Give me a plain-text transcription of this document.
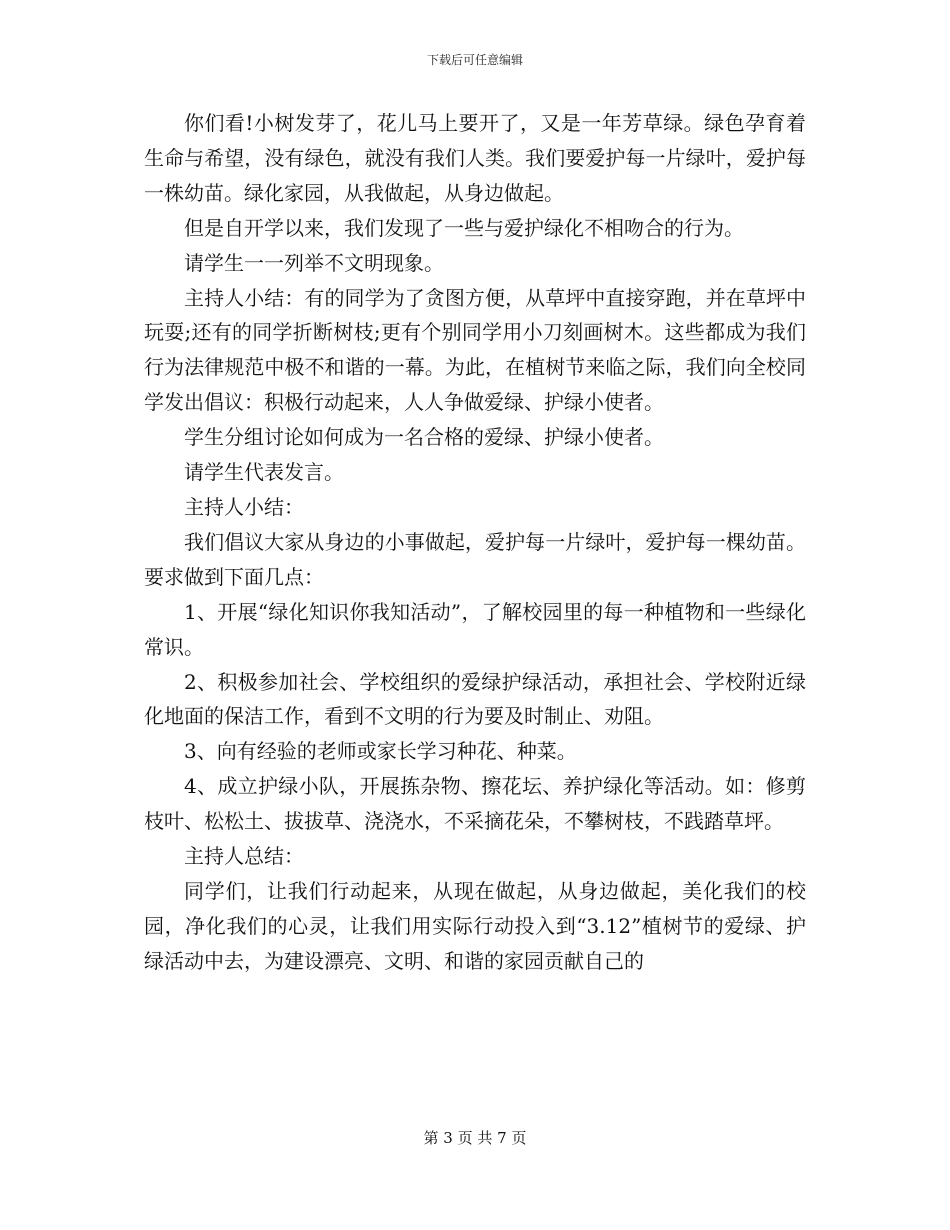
下载后可任意编辑

你们看!小树发芽了，花儿马上要开了，又是一年芳草绿。绿色孕育着生命与希望，没有绿色，就没有我们人类。我们要爱护每一片绿叶，爱护每一株幼苗。绿化家园，从我做起，从身边做起。

但是自开学以来，我们发现了一些与爱护绿化不相吻合的行为。

请学生一一列举不文明现象。

主持人小结：有的同学为了贪图方便，从草坪中直接穿跑，并在草坪中玩耍;还有的同学折断树枝;更有个别同学用小刀刻画树木。这些都成为我们行为法律规范中极不和谐的一幕。为此，在植树节来临之际，我们向全校同学发出倡议：积极行动起来，人人争做爱绿、护绿小使者。

学生分组讨论如何成为一名合格的爱绿、护绿小使者。

请学生代表发言。

主持人小结：

我们倡议大家从身边的小事做起，爱护每一片绿叶，爱护每一棵幼苗。要求做到下面几点：

1、开展“绿化知识你我知活动”，了解校园里的每一种植物和一些绿化常识。

2、积极参加社会、学校组织的爱绿护绿活动，承担社会、学校附近绿化地面的保洁工作，看到不文明的行为要及时制止、劝阻。

3、向有经验的老师或家长学习种花、种菜。

4、成立护绿小队，开展拣杂物、擦花坛、养护绿化等活动。如：修剪枝叶、松松土、拔拔草、浇浇水，不采摘花朵，不攀树枝，不践踏草坪。

主持人总结：

同学们，让我们行动起来，从现在做起，从身边做起，美化我们的校园，净化我们的心灵，让我们用实际行动投入到“3.12”植树节的爱绿、护绿活动中去，为建设漂亮、文明、和谐的家园贡献自己的

第 3 页 共 7 页
